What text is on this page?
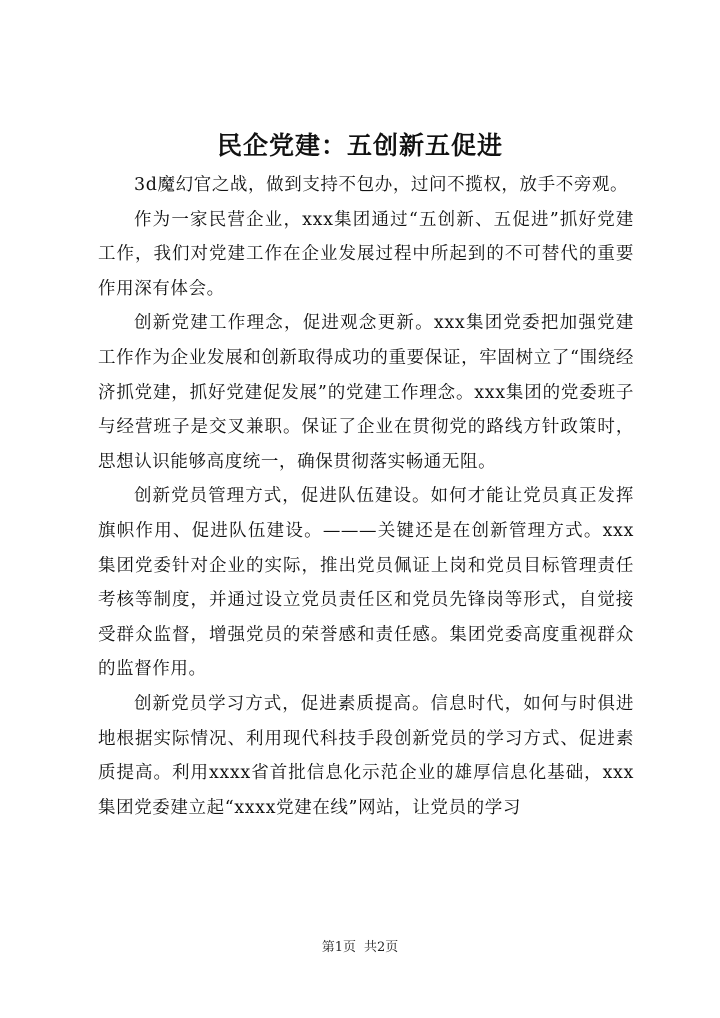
民企党建：五创新五促进

3d魔幻官之战，做到支持不包办，过问不揽权，放手不旁观。

作为一家民营企业，xxx集团通过“五创新、五促进”抓好党建工作，我们对党建工作在企业发展过程中所起到的不可替代的重要作用深有体会。

创新党建工作理念，促进观念更新。xxx集团党委把加强党建工作作为企业发展和创新取得成功的重要保证，牢固树立了“围绕经济抓党建，抓好党建促发展”的党建工作理念。xxx集团的党委班子与经营班子是交叉兼职。保证了企业在贯彻党的路线方针政策时，思想认识能够高度统一，确保贯彻落实畅通无阻。

创新党员管理方式，促进队伍建设。如何才能让党员真正发挥旗帜作用、促进队伍建设。———关键还是在创新管理方式。xxx集团党委针对企业的实际，推出党员佩证上岗和党员目标管理责任考核等制度，并通过设立党员责任区和党员先锋岗等形式，自觉接受群众监督，增强党员的荣誉感和责任感。集团党委高度重视群众的监督作用。

创新党员学习方式，促进素质提高。信息时代，如何与时俱进地根据实际情况、利用现代科技手段创新党员的学习方式、促进素质提高。利用xxxx省首批信息化示范企业的雄厚信息化基础，xxx集团党委建立起“xxxx党建在线”网站，让党员的学习

第1页 共2页
